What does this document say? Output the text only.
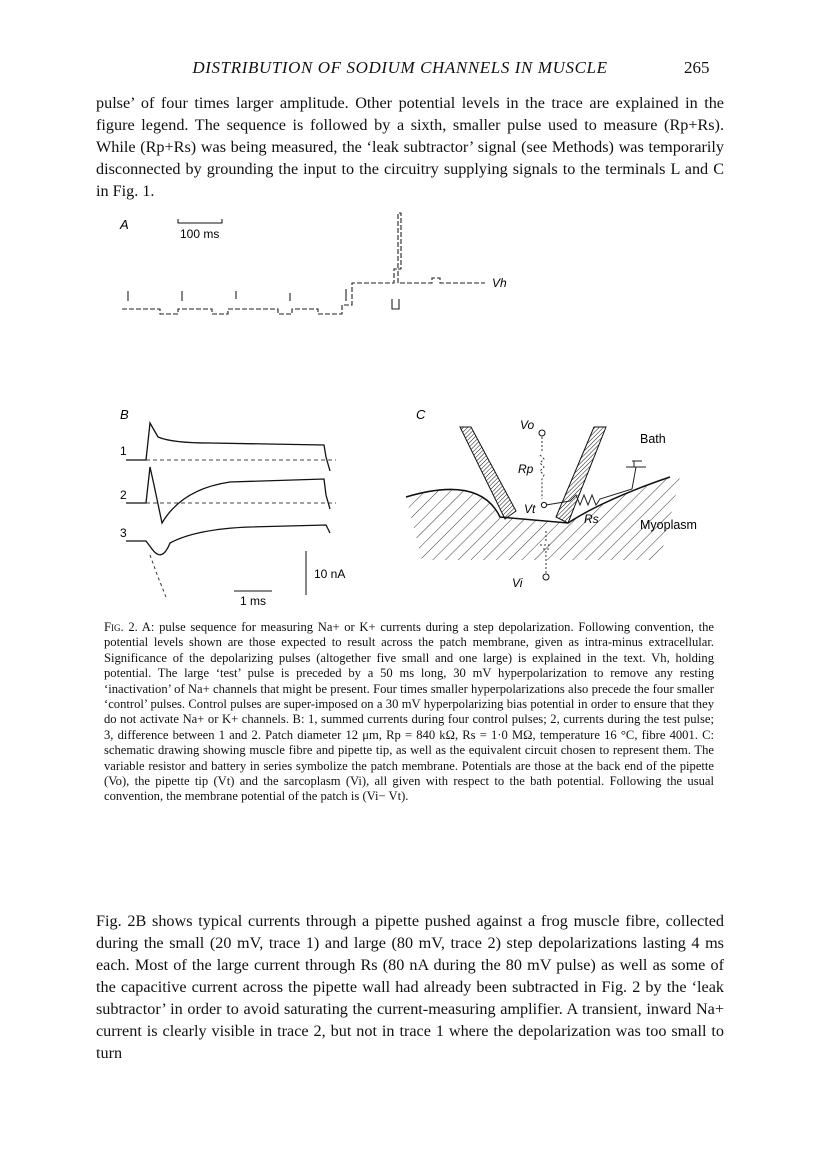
DISTRIBUTION OF SODIUM CHANNELS IN MUSCLE	265

pulse’ of four times larger amplitude. Other potential levels in the trace are explained in the figure legend. The sequence is followed by a sixth, smaller pulse used to measure (Rp+Rs). While (Rp+Rs) was being measured, the ‘leak subtractor’ signal (see Methods) was temporarily disconnected by grounding the input to the circuitry supplying signals to the terminals L and C in Fig. 1.

A
100 ms
Vh
B
1
2
3
10 nA
1 ms
C
Vo
Rp
Vt
Rs
Bath
Myoplasm
Vi

Fig. 2. A: pulse sequence for measuring Na+ or K+ currents during a step depolarization. Following convention, the potential levels shown are those expected to result across the patch membrane, given as intra-minus extracellular. Significance of the depolarizing pulses (altogether five small and one large) is explained in the text. Vh, holding potential. The large ‘test’ pulse is preceded by a 50 ms long, 30 mV hyperpolarization to remove any resting ‘inactivation’ of Na+ channels that might be present. Four times smaller hyperpolarizations also precede the four smaller ‘control’ pulses. Control pulses are super-imposed on a 30 mV hyperpolarizing bias potential in order to ensure that they do not activate Na+ or K+ channels. B: 1, summed currents during four control pulses; 2, currents during the test pulse; 3, difference between 1 and 2. Patch diameter 12 μm, Rp = 840 kΩ, Rs = 1·0 MΩ, temperature 16 °C, fibre 4001. C: schematic drawing showing muscle fibre and pipette tip, as well as the equivalent circuit chosen to represent them. The variable resistor and battery in series symbolize the patch membrane. Potentials are those at the back end of the pipette (Vo), the pipette tip (Vt) and the sarcoplasm (Vi), all given with respect to the bath potential. Following the usual convention, the membrane potential of the patch is (Vi− Vt).

Fig. 2B shows typical currents through a pipette pushed against a frog muscle fibre, collected during the small (20 mV, trace 1) and large (80 mV, trace 2) step depolarizations lasting 4 ms each. Most of the large current through Rs (80 nA during the 80 mV pulse) as well as some of the capacitive current across the pipette wall had already been subtracted in Fig. 2 by the ‘leak subtractor’ in order to avoid saturating the current-measuring amplifier. A transient, inward Na+ current is clearly visible in trace 2, but not in trace 1 where the depolarization was too small to turn
